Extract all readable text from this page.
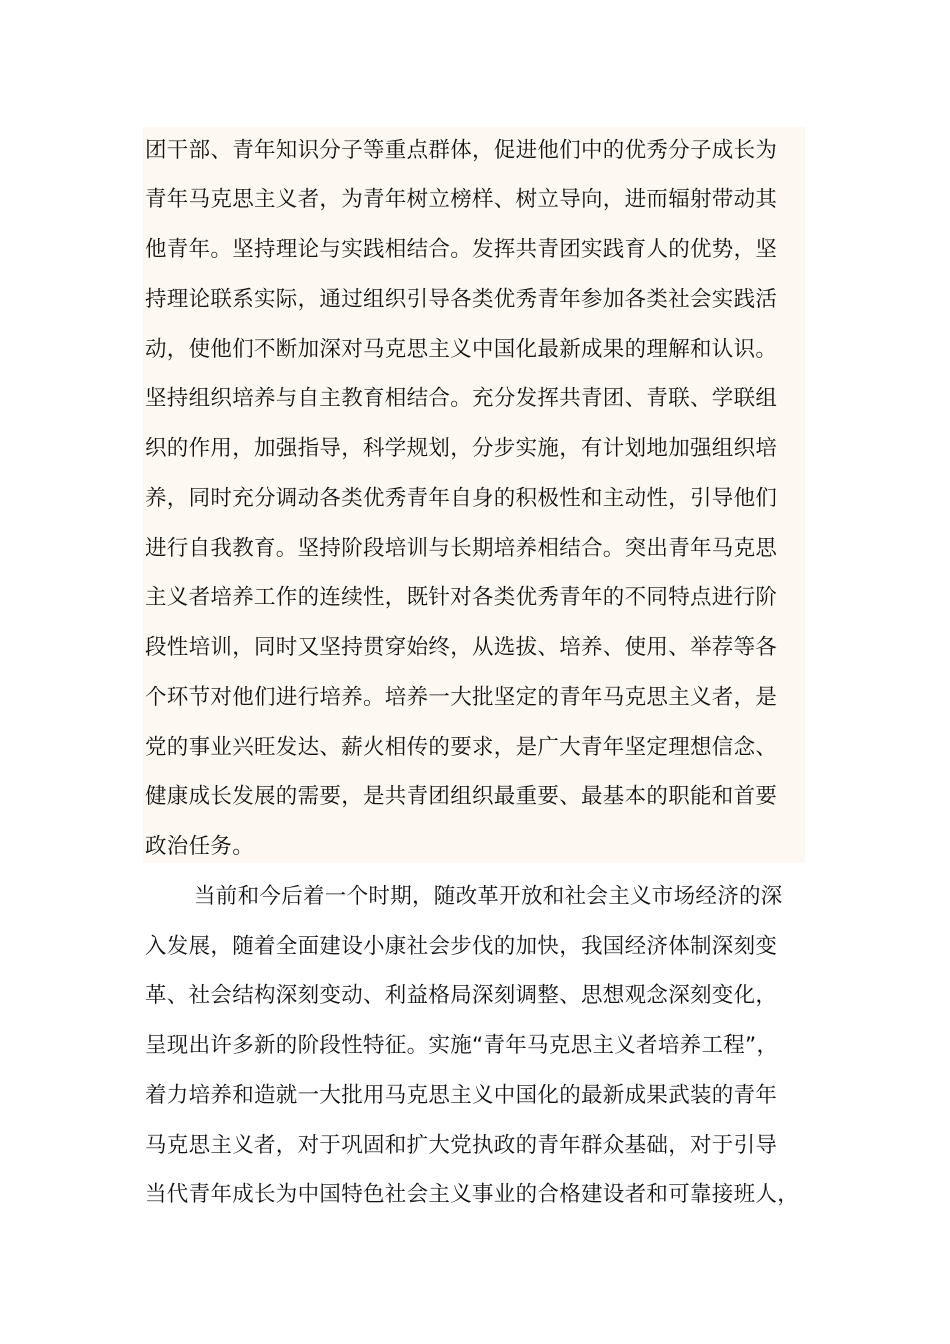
团干部、青年知识分子等重点群体，促进他们中的优秀分子成长为
青年马克思主义者，为青年树立榜样、树立导向，进而辐射带动其
他青年。坚持理论与实践相结合。发挥共青团实践育人的优势，坚
持理论联系实际，通过组织引导各类优秀青年参加各类社会实践活
动，使他们不断加深对马克思主义中国化最新成果的理解和认识。
坚持组织培养与自主教育相结合。充分发挥共青团、青联、学联组
织的作用，加强指导，科学规划，分步实施，有计划地加强组织培
养，同时充分调动各类优秀青年自身的积极性和主动性，引导他们
进行自我教育。坚持阶段培训与长期培养相结合。突出青年马克思
主义者培养工作的连续性，既针对各类优秀青年的不同特点进行阶
段性培训，同时又坚持贯穿始终，从选拔、培养、使用、举荐等各
个环节对他们进行培养。培养一大批坚定的青年马克思主义者，是
党的事业兴旺发达、薪火相传的要求，是广大青年坚定理想信念、
健康成长发展的需要，是共青团组织最重要、最基本的职能和首要
政治任务。
当前和今后着一个时期，随改革开放和社会主义市场经济的深
入发展，随着全面建设小康社会步伐的加快，我国经济体制深刻变
革、社会结构深刻变动、利益格局深刻调整、思想观念深刻变化，
呈现出许多新的阶段性特征。实施“青年马克思主义者培养工程”，
着力培养和造就一大批用马克思主义中国化的最新成果武装的青年
马克思主义者，对于巩固和扩大党执政的青年群众基础，对于引导
当代青年成长为中国特色社会主义事业的合格建设者和可靠接班人，
